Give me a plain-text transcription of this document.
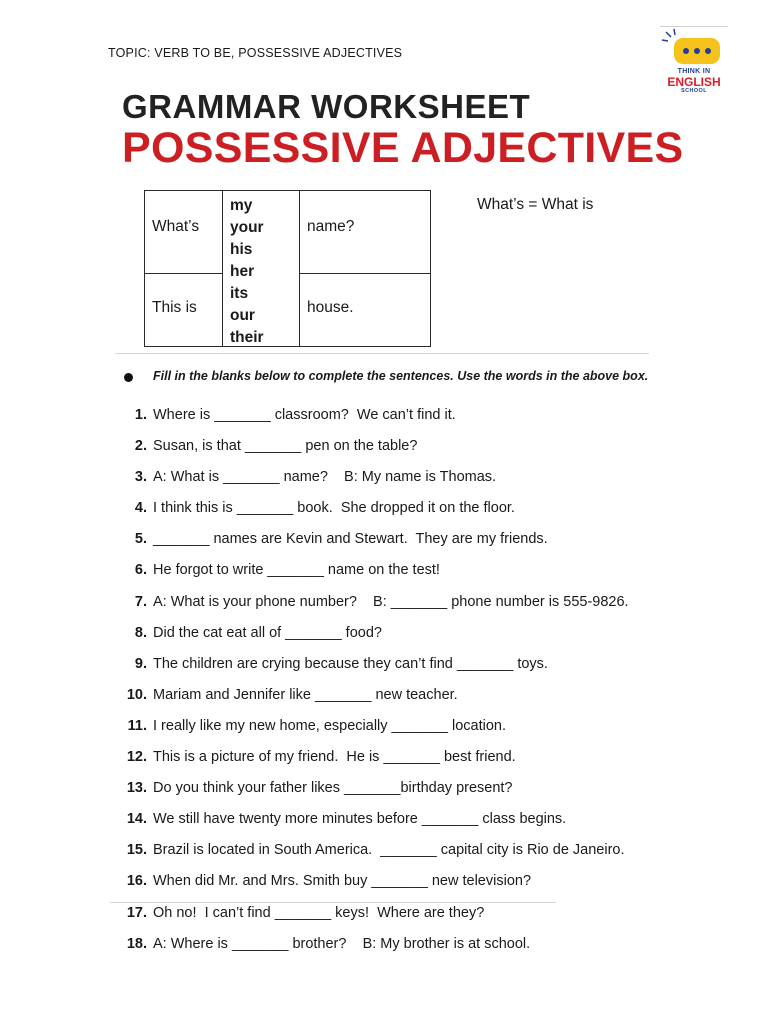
TOPIC: VERB TO BE, POSSESSIVE ADJECTIVES
THINK IN
ENGLISH
SCHOOL
GRAMMAR WORKSHEET
POSSESSIVE ADJECTIVES
What’s
This is
my
your
his
her
its
our
their
name?
house.
What’s = What is
Fill in the blanks below to complete the sentences. Use the words in the above box.
1. Where is _______ classroom?  We can’t find it.
2. Susan, is that _______ pen on the table?
3. A: What is _______ name?    B: My name is Thomas.
4. I think this is _______ book.  She dropped it on the floor.
5. _______ names are Kevin and Stewart.  They are my friends.
6. He forgot to write _______ name on the test!
7. A: What is your phone number?    B: _______ phone number is 555-9826.
8. Did the cat eat all of _______ food?
9. The children are crying because they can’t find _______ toys.
10. Mariam and Jennifer like _______ new teacher.
11. I really like my new home, especially _______ location.
12. This is a picture of my friend.  He is _______ best friend.
13. Do you think your father likes _______birthday present?
14. We still have twenty more minutes before _______ class begins.
15. Brazil is located in South America.  _______ capital city is Rio de Janeiro.
16. When did Mr. and Mrs. Smith buy _______ new television?
17. Oh no!  I can’t find _______ keys!  Where are they?
18. A: Where is _______ brother?    B: My brother is at school.
